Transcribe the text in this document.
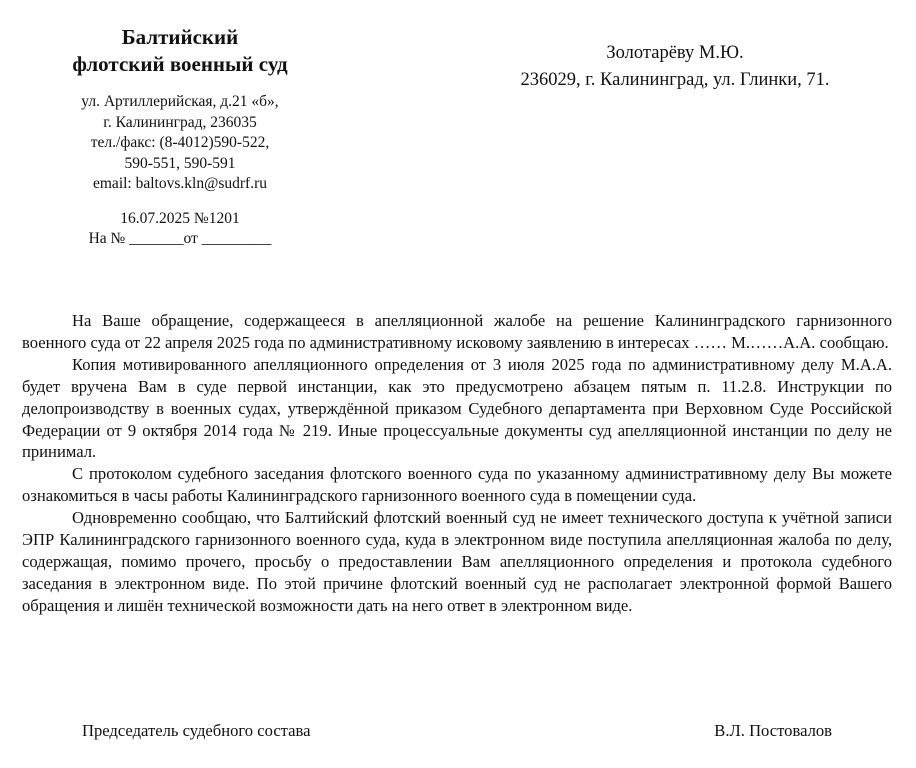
Балтийский
флотский военный суд
ул. Артиллерийская, д.21 «б»,
г. Калининград, 236035
тел./факс: (8-4012)590-522,
590-551, 590-591
email: baltovs.kln@sudrf.ru
16.07.2025 №1201
На № _______от _________
Золотарёву М.Ю.
236029, г. Калининград, ул. Глинки, 71.

На Ваше обращение, содержащееся в апелляционной жалобе на решение Калининградского гарнизонного военного суда от 22 апреля 2025 года по административному исковому заявлению в интересах …… М.……А.А. сообщаю.

Копия мотивированного апелляционного определения от 3 июля 2025 года по административному делу М.А.А. будет вручена Вам в суде первой инстанции, как это предусмотрено абзацем пятым п. 11.2.8. Инструкции по делопроизводству в военных судах, утверждённой приказом Судебного департамента при Верховном Суде Российской Федерации от 9 октября 2014 года № 219. Иные процессуальные документы суд апелляционной инстанции по делу не принимал.

С протоколом судебного заседания флотского военного суда по указанному административному делу Вы можете ознакомиться в часы работы Калининградского гарнизонного военного суда в помещении суда.

Одновременно сообщаю, что Балтийский флотский военный суд не имеет технического доступа к учётной записи ЭПР Калининградского гарнизонного военного суда, куда в электронном виде поступила апелляционная жалоба по делу, содержащая, помимо прочего, просьбу о предоставлении Вам апелляционного определения и протокола судебного заседания в электронном виде. По этой причине флотский военный суд не располагает электронной формой Вашего обращения и лишён технической возможности дать на него ответ в электронном виде.

Председатель судебного состава	В.Л. Постовалов
